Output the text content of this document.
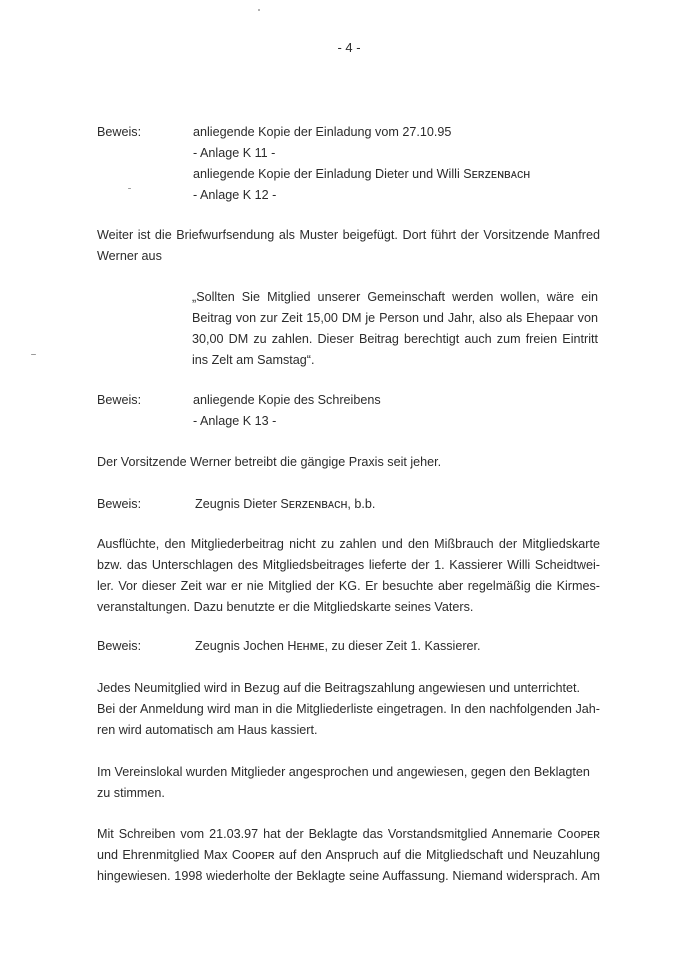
- 4 -
Beweis:	anliegende Kopie der Einladung vom 27.10.95
- Anlage K 11 -
anliegende Kopie der Einladung Dieter und Willi Sᴇʀᴢᴇɴʙᴀᴄʜ
- Anlage K 12 -
Weiter ist die Briefwurfsendung als Muster beigefügt. Dort führt der Vorsitzende Manfred
Werner aus
„Sollten Sie Mitglied unserer Gemeinschaft werden wollen, wäre ein
Beitrag von zur Zeit 15,00 DM je Person und Jahr, also als Ehepaar von
30,00 DM zu zahlen. Dieser Beitrag berechtigt auch zum freien Eintritt
ins Zelt am Samstag“.
Beweis:	anliegende Kopie des Schreibens
- Anlage K 13 -
Der Vorsitzende Werner betreibt die gängige Praxis seit jeher.
Beweis:	Zeugnis Dieter Sᴇʀᴢᴇɴʙᴀᴄʜ, b.b.
Ausflüchte, den Mitgliederbeitrag nicht zu zahlen und den Mißbrauch der Mitgliedskarte
bzw. das Unterschlagen des Mitgliedsbeitrages lieferte der 1. Kassierer Willi Scheidtwei-
ler. Vor dieser Zeit war er nie Mitglied der KG. Er besuchte aber regelmäßig die Kirmes-
veranstaltungen. Dazu benutzte er die Mitgliedskarte seines Vaters.
Beweis:	Zeugnis Jochen Hᴇʜᴍᴇ, zu dieser Zeit 1. Kassierer.
Jedes Neumitglied wird in Bezug auf die Beitragszahlung angewiesen und unterrichtet.
Bei der Anmeldung wird man in die Mitgliederliste eingetragen. In den nachfolgenden Jah-
ren wird automatisch am Haus kassiert.
Im Vereinslokal wurden Mitglieder angesprochen und angewiesen, gegen den Beklagten
zu stimmen.
Mit Schreiben vom 21.03.97 hat der Beklagte das Vorstandsmitglied Annemarie Cᴏᴏᴘᴇʀ
und Ehrenmitglied Max Cᴏᴏᴘᴇʀ auf den Anspruch auf die Mitgliedschaft und Neuzahlung
hingewiesen. 1998 wiederholte der Beklagte seine Auffassung. Niemand widersprach. Am
